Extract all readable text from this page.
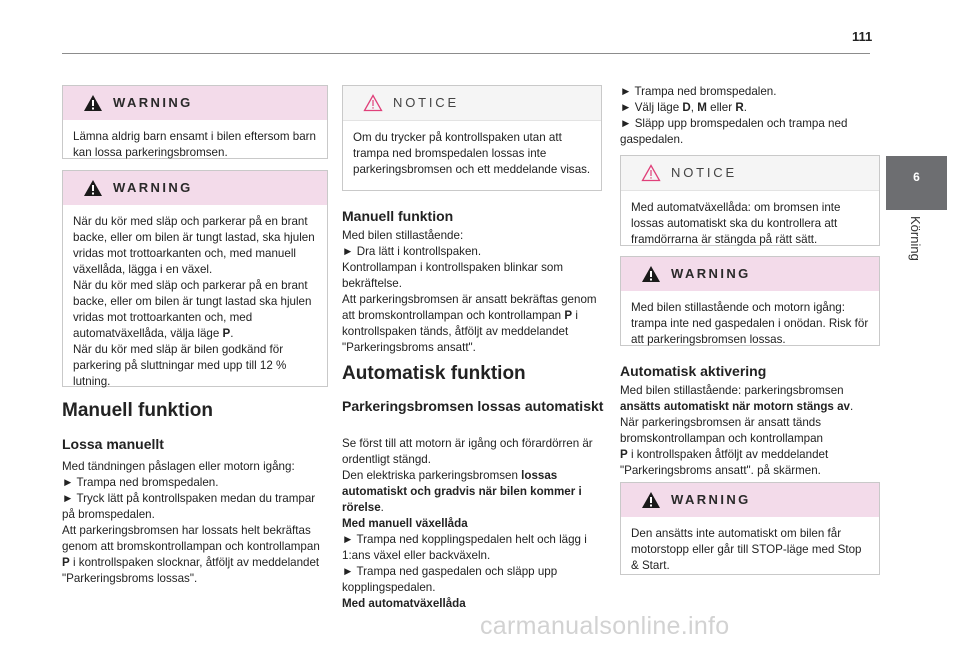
111
6
Körning
WARNING
Lämna aldrig barn ensamt i bilen eftersom barn kan lossa parkeringsbromsen.
WARNING
När du kör med släp och parkerar på en brant backe, eller om bilen är tungt lastad, ska hjulen vridas mot trottoarkanten och, med manuell växellåda, lägga i en växel.
När du kör med släp och parkerar på en brant backe, eller om bilen är tungt lastad ska hjulen vridas mot trottoarkanten och, med automatväxellåda, välja läge P.
När du kör med släp är bilen godkänd för parkering på sluttningar med upp till 12 % lutning.
Manuell funktion
Lossa manuellt
Med tändningen påslagen eller motorn igång:
► Trampa ned bromspedalen.
► Tryck lätt på kontrollspaken medan du trampar på bromspedalen.
Att parkeringsbromsen har lossats helt bekräftas genom att bromskontrollampan och kontrollampan P i kontrollspaken slocknar, åtföljt av meddelandet "Parkeringsbroms lossas".
NOTICE
Om du trycker på kontrollspaken utan att trampa ned bromspedalen lossas inte parkeringsbromsen och ett meddelande visas.
Manuell funktion
Med bilen stillastående:
► Dra lätt i kontrollspaken.
Kontrollampan i kontrollspaken blinkar som bekräftelse.
Att parkeringsbromsen är ansatt bekräftas genom att bromskontrollampan och kontrollampan P i kontrollspaken tänds, åtföljt av meddelandet "Parkeringsbroms ansatt".
Automatisk funktion
Parkeringsbromsen lossas automatiskt
Se först till att motorn är igång och förardörren är ordentligt stängd.
Den elektriska parkeringsbromsen lossas automatiskt och gradvis när bilen kommer i rörelse.
Med manuell växellåda
► Trampa ned kopplingspedalen helt och lägg i 1:ans växel eller backväxeln.
► Trampa ned gaspedalen och släpp upp kopplingspedalen.
Med automatväxellåda
► Trampa ned bromspedalen.
► Välj läge D, M eller R.
► Släpp upp bromspedalen och trampa ned gaspedalen.
NOTICE
Med automatväxellåda: om bromsen inte lossas automatiskt ska du kontrollera att framdörrarna är stängda på rätt sätt.
WARNING
Med bilen stillastående och motorn igång: trampa inte ned gaspedalen i onödan. Risk för att parkeringsbromsen lossas.
Automatisk aktivering
Med bilen stillastående: parkeringsbromsen ansätts automatiskt när motorn stängs av.
När parkeringsbromsen är ansatt tänds bromskontrollampan och kontrollampan
P i kontrollspaken åtföljt av meddelandet "Parkeringsbroms ansatt". på skärmen.
WARNING
Den ansätts inte automatiskt om bilen får motorstopp eller går till STOP-läge med Stop & Start.
carmanualsonline.info
